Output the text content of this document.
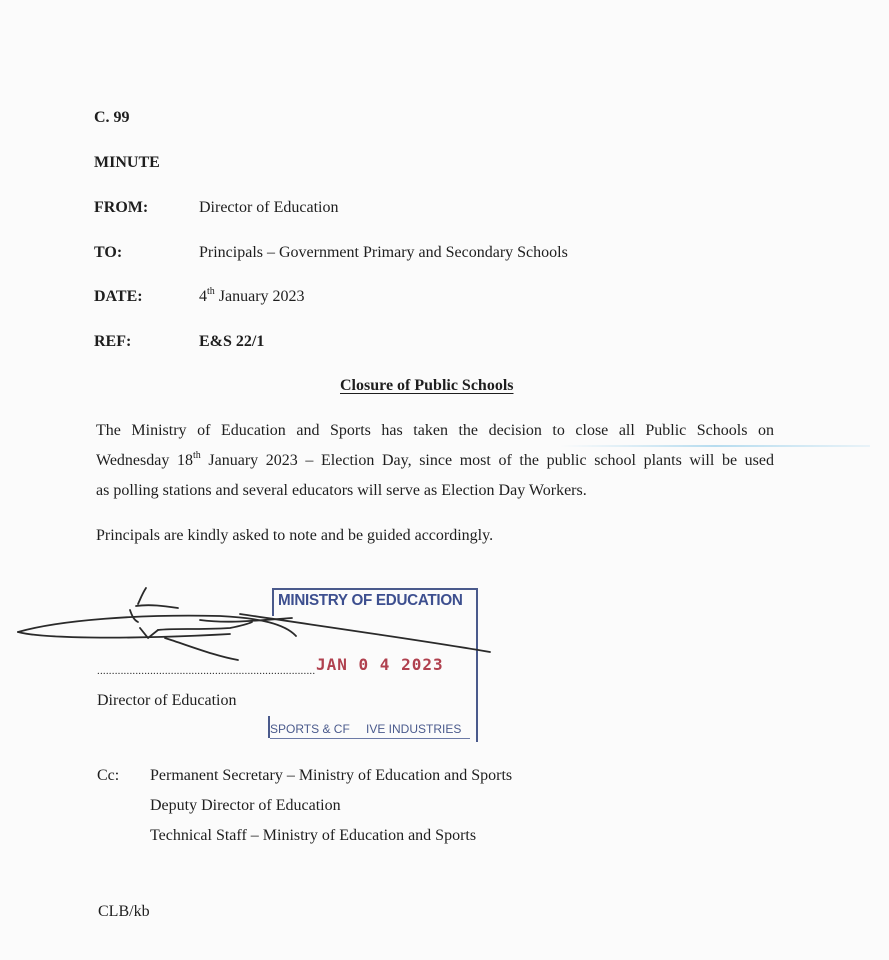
C. 99
MINUTE
FROM:	Director of Education
TO:	Principals – Government Primary and Secondary Schools
DATE:	4th January 2023
REF:	E&S 22/1
Closure of Public Schools
The Ministry of Education and Sports has taken the decision to close all Public Schools on
Wednesday 18th January 2023 – Election Day, since most of the public school plants will be used
as polling stations and several educators will serve as Election Day Workers.
Principals are kindly asked to note and be guided accordingly.
MINISTRY OF EDUCATION
JAN 0 4 2023
SPORTS & CF IVE INDUSTRIES
..........................................................................
Director of Education
Cc: Permanent Secretary – Ministry of Education and Sports
Deputy Director of Education
Technical Staff – Ministry of Education and Sports
CLB/kb
